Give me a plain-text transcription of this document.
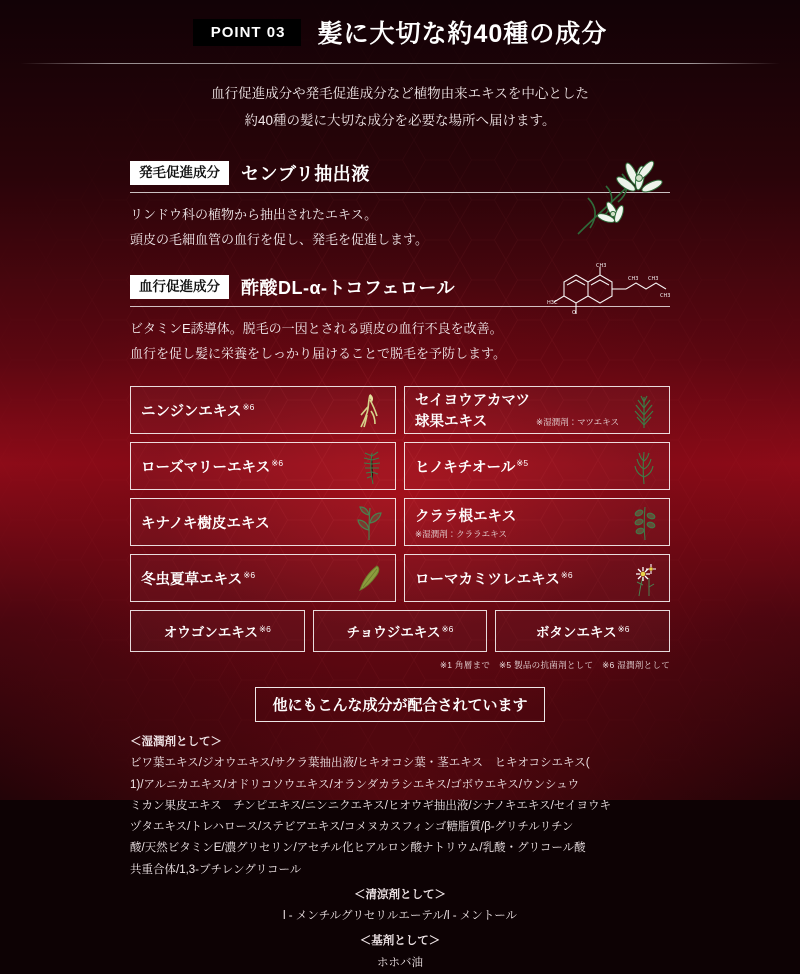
POINT 03	髪に大切な約40種の成分
血行促進成分や発毛促進成分など植物由来エキスを中心とした
約40種の髪に大切な成分を必要な場所へ届けます。
発毛促進成分	センブリ抽出液
リンドウ科の植物から抽出されたエキス。
頭皮の毛細血管の血行を促し、発毛を促進します。
血行促進成分	酢酸DL-α-トコフェロール
ビタミンE誘導体。脱毛の一因とされる頭皮の血行不良を改善。
血行を促し髪に栄養をしっかり届けることで脱毛を予防します。
O
H3C
CH3
CH3 CH3
CH3
ニンジンエキス$^{※6}$	セイヨウアカマツ
球果エキス	※湿潤剤：マツエキス
ローズマリーエキス$^{※6}$	ヒノキチオール$^{※5}$
キナノキ樹皮エキス	クララ根エキス
※湿潤剤：クララエキス
冬虫夏草エキス$^{※6}$	ローマカミツレエキス$^{※6}$
オウゴンエキス$^{※6}$	チョウジエキス$^{※6}$	ボタンエキス$^{※6}$
※1 角層まで　※5 製品の抗菌剤として　※6 湿潤剤として
他にもこんな成分が配合されています
＜湿潤剤として＞
ビワ葉エキス/ジオウエキス/サクラ葉抽出液/ヒキオコシ葉・茎エキス　ヒキオコシエキス(
1)/アルニカエキス/オドリコソウエキス/オランダカラシエキス/ゴボウエキス/ウンシュウ
ミカン果皮エキス　チンピエキス/ニンニクエキス/ヒオウギ抽出液/シナノキエキス/セイヨウキ
ヅタエキス/トレハロース/ステビアエキス/コメヌカスフィンゴ糖脂質/β-グリチルリチン
酸/天然ビタミンE/濃グリセリン/アセチル化ヒアルロン酸ナトリウム/乳酸・グリコール酸
共重合体/1,3-ブチレングリコール
＜清涼剤として＞
l - メンチルグリセリルエーテル/l - メントール
＜基剤として＞
ホホバ油
